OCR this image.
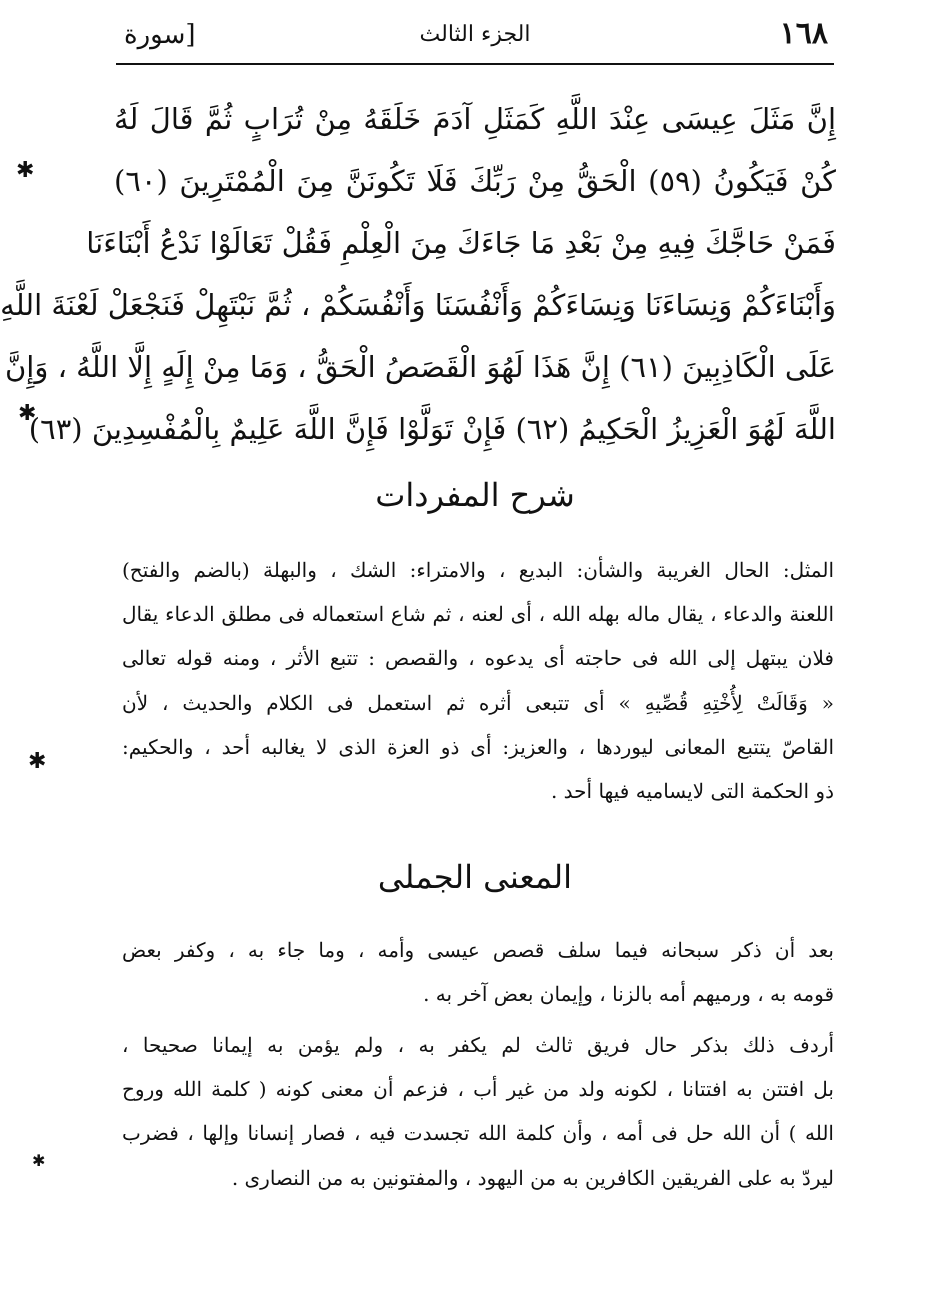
[سورة	الجزء الثالث	١٦٨
إِنَّ مَثَلَ عِيسَى عِنْدَ اللَّهِ كَمَثَلِ آدَمَ خَلَقَهُ مِنْ تُرَابٍ ثُمَّ قَالَ لَهُ
كُنْ فَيَكُونُ (٥٩) الْحَقُّ مِنْ رَبِّكَ فَلَا تَكُونَنَّ مِنَ الْمُمْتَرِينَ (٦٠)
فَمَنْ حَاجَّكَ فِيهِ مِنْ بَعْدِ مَا جَاءَكَ مِنَ الْعِلْمِ فَقُلْ تَعَالَوْا نَدْعُ أَبْنَاءَنَا
وَأَبْنَاءَكُمْ وَنِسَاءَنَا وَنِسَاءَكُمْ وَأَنْفُسَنَا وَأَنْفُسَكُمْ ، ثُمَّ نَبْتَهِلْ فَنَجْعَلْ لَعْنَةَ اللَّهِ
عَلَى الْكَاذِبِينَ (٦١) إِنَّ هَذَا لَهُوَ الْقَصَصُ الْحَقُّ ، وَمَا مِنْ إِلَهٍ إِلَّا اللَّهُ ، وَإِنَّ
اللَّهَ لَهُوَ الْعَزِيزُ الْحَكِيمُ (٦٢) فَإِنْ تَوَلَّوْا فَإِنَّ اللَّهَ عَلِيمٌ بِالْمُفْسِدِينَ (٦٣)
شرح المفردات
المثل: الحال الغريبة والشأن: البديع ، والامتراء: الشك ، والبهلة (بالضم والفتح)
اللعنة والدعاء ، يقال ماله بهله الله ، أى لعنه ، ثم شاع استعماله فى مطلق الدعاء يقال
فلان يبتهل إلى الله فى حاجته أى يدعوه ، والقصص : تتبع الأثر ، ومنه قوله تعالى
« وَقَالَتْ لِأُخْتِهِ قُصِّيهِ » أى تتبعى أثره ثم استعمل فى الكلام والحديث ، لأن
القاصّ يتتبع المعانى ليوردها ، والعزيز: أى ذو العزة الذى لا يغالبه أحد ، والحكيم:
ذو الحكمة التى لايساميه فيها أحد .
المعنى الجملى
بعد أن ذكر سبحانه فيما سلف قصص عيسى وأمه ، وما جاء به ، وكفر بعض
قومه به ، ورميهم أمه بالزنا ، وإيمان بعض آخر به .
أردف ذلك بذكر حال فريق ثالث لم يكفر به ، ولم يؤمن به إيمانا صحيحا ،
بل افتتن به افتتانا ، لكونه ولد من غير أب ، فزعم أن معنى كونه ( كلمة الله وروح
الله ) أن الله حل فى أمه ، وأن كلمة الله تجسدت فيه ، فصار إنسانا وإلها ، فضرب
ليردّ به على الفريقين الكافرين به من اليهود ، والمفتونين به من النصارى .
✱
✱
✱
✱
